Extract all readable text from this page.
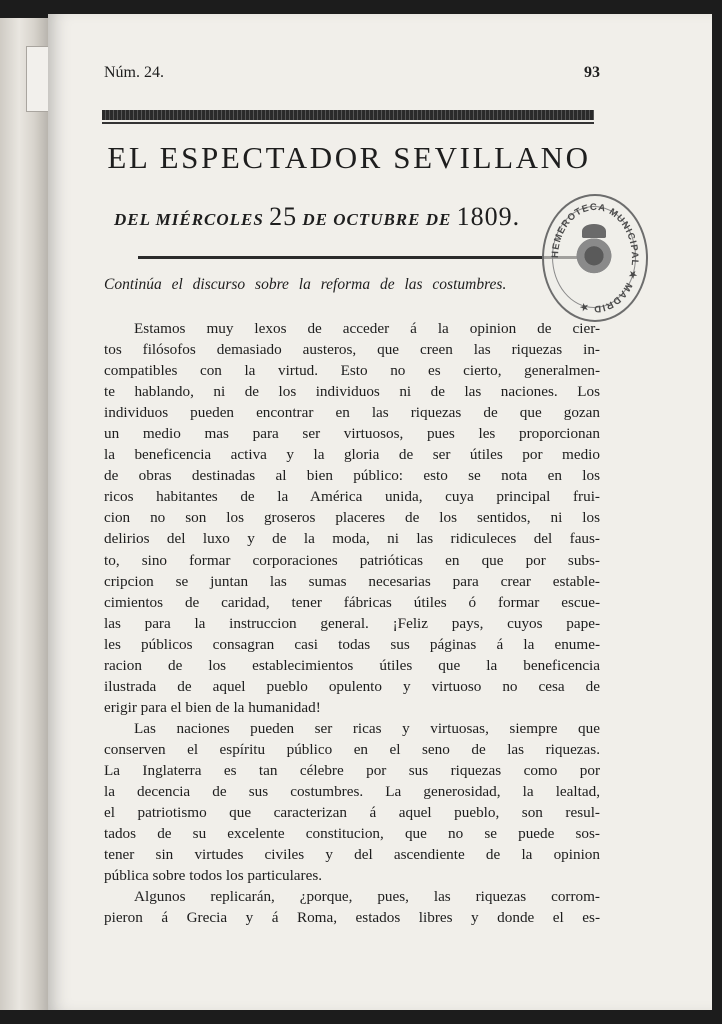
Núm. 24.	93
EL ESPECTADOR SEVILLANO
DEL MIÉRCOLES 25 DE OCTUBRE DE 1809.
Continúa el discurso sobre la reforma de las costumbres.
Estamos muy lexos de acceder á la opinion de cier-
tos filósofos demasiado austeros, que creen las riquezas in-
compatibles con la virtud. Esto no es cierto, generalmen-
te hablando, ni de los individuos ni de las naciones. Los
individuos pueden encontrar en las riquezas de que gozan
un medio mas para ser virtuosos, pues les proporcionan
la beneficencia activa y la gloria de ser útiles por medio
de obras destinadas al bien público: esto se nota en los
ricos habitantes de la América unida, cuya principal frui-
cion no son los groseros placeres de los sentidos, ni los
delirios del luxo y de la moda, ni las ridiculeces del faus-
to, sino formar corporaciones patrióticas en que por subs-
cripcion se juntan las sumas necesarias para crear estable-
cimientos de caridad, tener fábricas útiles ó formar escue-
las para la instruccion general. ¡Feliz pays, cuyos pape-
les públicos consagran casi todas sus páginas á la enume-
racion de los establecimientos útiles que la beneficencia
ilustrada de aquel pueblo opulento y virtuoso no cesa de
erigir para el bien de la humanidad!
Las naciones pueden ser ricas y virtuosas, siempre que
conserven el espíritu público en el seno de las riquezas.
La Inglaterra es tan célebre por sus riquezas como por
la decencia de sus costumbres. La generosidad, la lealtad,
el patriotismo que caracterizan á aquel pueblo, son resul-
tados de su excelente constitucion, que no se puede sos-
tener sin virtudes civiles y del ascendiente de la opinion
pública sobre todos los particulares.
Algunos replicarán, ¿porque, pues, las riquezas corrom-
pieron á Grecia y á Roma, estados libres y donde el es-
HEMEROTECA MUNICIPAL ★ MADRID ★
